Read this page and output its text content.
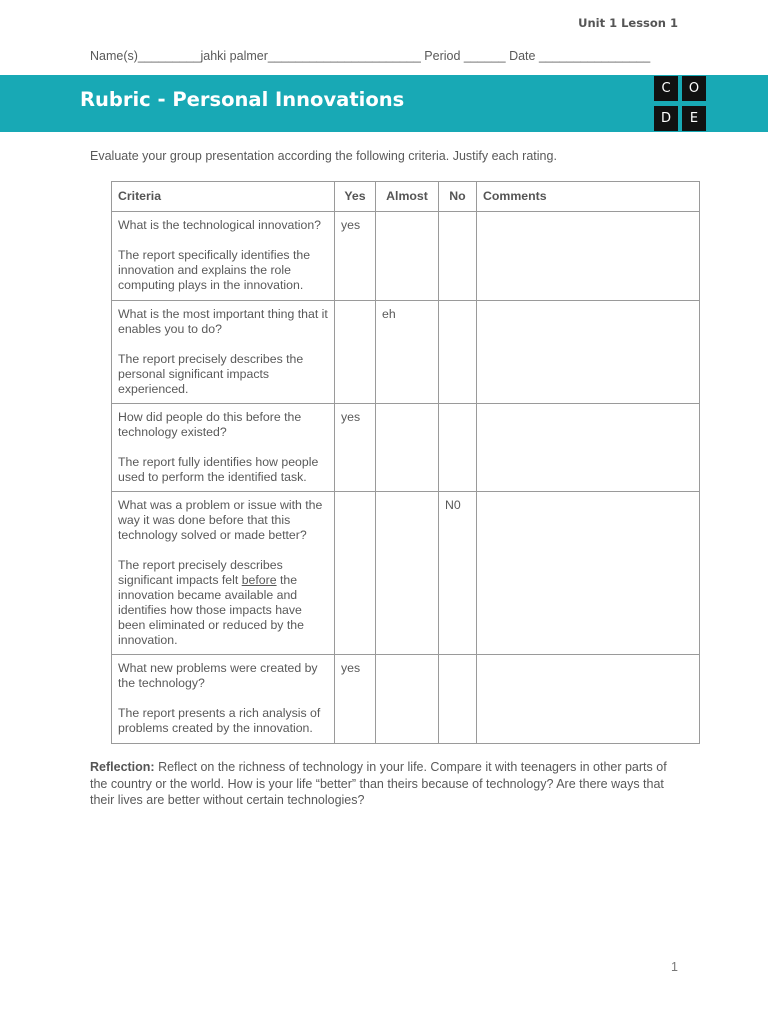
Unit 1 Lesson 1
Name(s)_________jahki palmer______________________ Period ______ Date ________________
Rubric - Personal Innovations	C	O
D	E
Evaluate your group presentation according the following criteria. Justify each rating.
Criteria	Yes	Almost	No	Comments

What is the technological innovation?

The report specifically identifies the innovation and explains the role computing plays in the innovation.	yes			

What is the most important thing that it enables you to do?

The report precisely describes the personal significant impacts experienced.		eh		

How did people do this before the technology existed?

The report fully identifies how people used to perform the identified task.	yes			

What was a problem or issue with the way it was done before that this technology solved or made better?

The report precisely describes significant impacts felt before the innovation became available and identifies how those impacts have been eliminated or reduced by the innovation.			N0	

What new problems were created by the technology?

The report presents a rich analysis of problems created by the innovation.	yes			
Reflection: Reflect on the richness of technology in your life. Compare it with teenagers in other parts of the country or the world. How is your life “better” than theirs because of technology? Are there ways that their lives are better without certain technologies?
1
